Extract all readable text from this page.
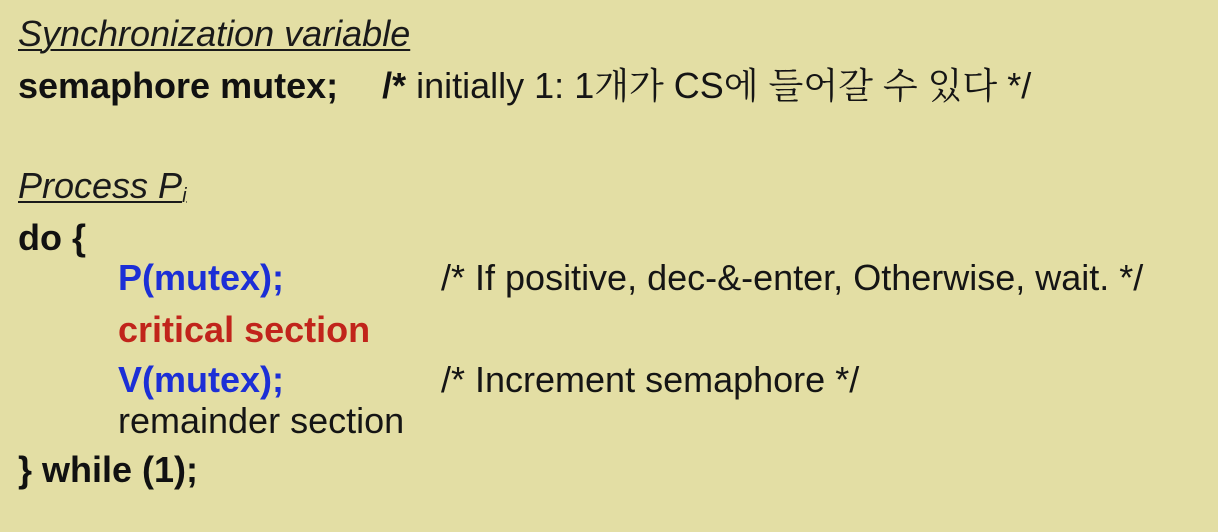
Synchronization variable
semaphore mutex; /* initially 1: 1개가 CS에 들어갈 수 있다 */
Process $P_i$
do {
P(mutex);	/* If positive, dec-&-enter, Otherwise, wait. */
critical section
V(mutex);	/* Increment semaphore */
remainder section
} while (1);
